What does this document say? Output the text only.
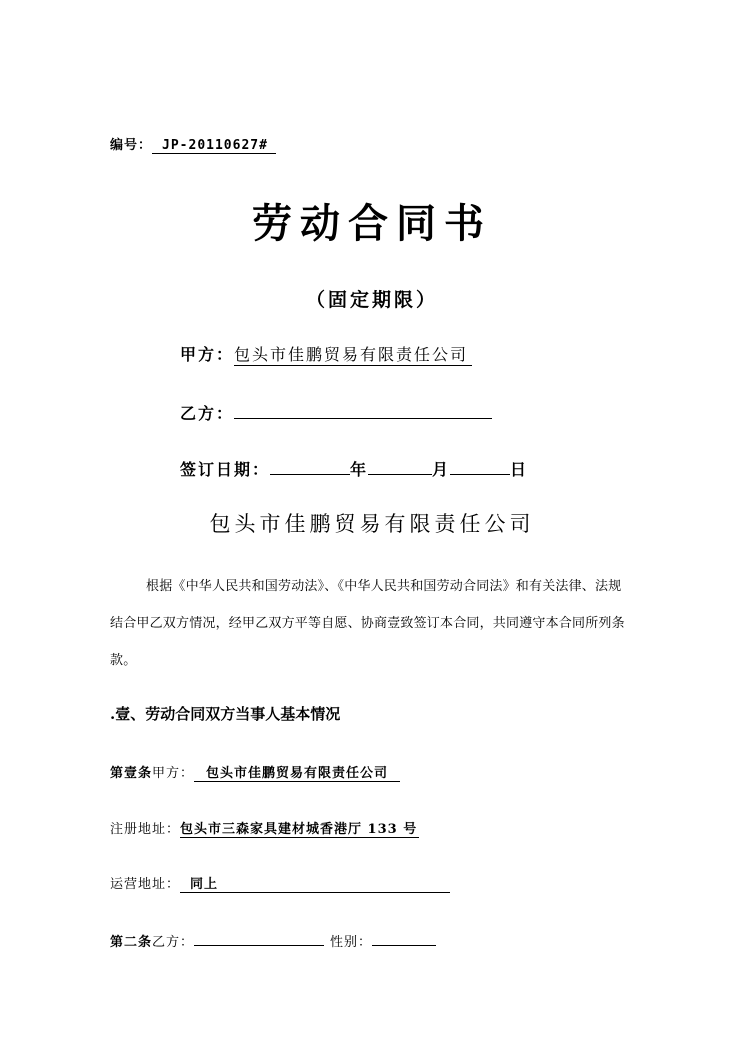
编号： JP-20110627#
劳动合同书
（固定期限）
甲方：包头市佳鹏贸易有限责任公司
乙方：
签订日期：	年	月	日
包头市佳鹏贸易有限责任公司
根据《中华人民共和国劳动法》、《中华人民共和国劳动合同法》和有关法律、法规结合甲乙双方情况，经甲乙双方平等自愿、协商壹致签订本合同，共同遵守本合同所列条款。
.壹、劳动合同双方当事人基本情况
第壹条甲方： 包头市佳鹏贸易有限责任公司
注册地址：包头市三森家具建材城香港厅 133 号
运营地址： 同上
第二条乙方：	性别：
